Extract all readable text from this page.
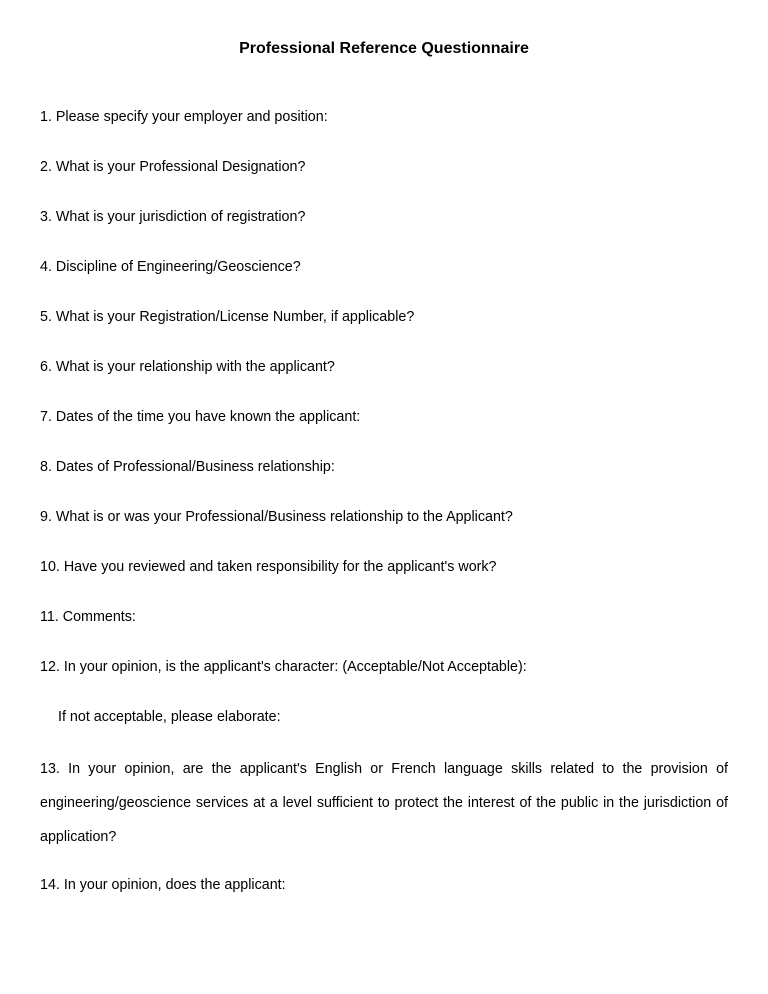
Professional Reference Questionnaire

1. Please specify your employer and position:

2. What is your Professional Designation?

3. What is your jurisdiction of registration?

4. Discipline of Engineering/Geoscience?

5. What is your Registration/License Number, if applicable?

6. What is your relationship with the applicant?

7. Dates of the time you have known the applicant:

8. Dates of Professional/Business relationship:

9. What is or was your Professional/Business relationship to the Applicant?

10. Have you reviewed and taken responsibility for the applicant's work?

11. Comments:

12. In your opinion, is the applicant's character: (Acceptable/Not Acceptable):

If not acceptable, please elaborate:

13. In your opinion, are the applicant's English or French language skills related to the provision of engineering/geoscience services at a level sufficient to protect the interest of the public in the jurisdiction of application?

14. In your opinion, does the applicant:
